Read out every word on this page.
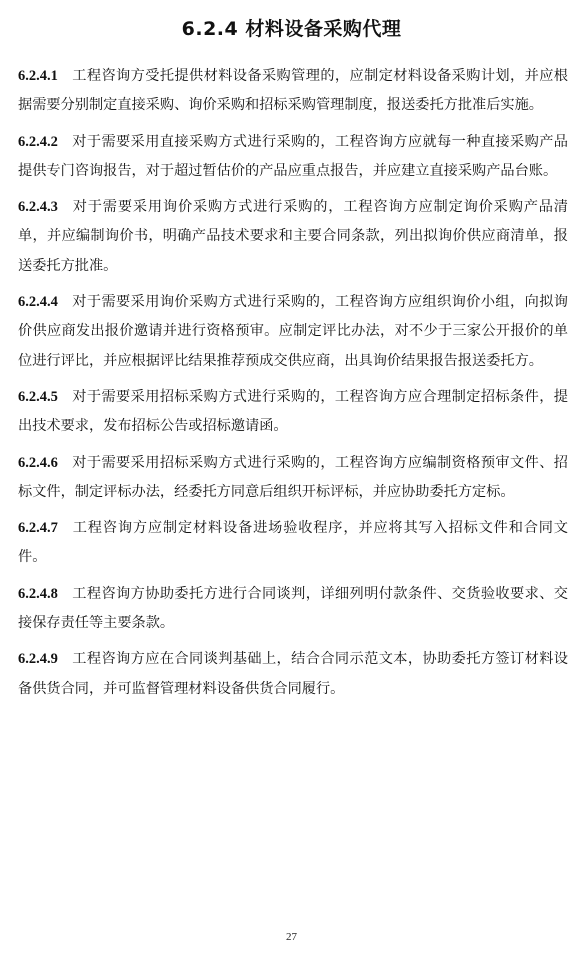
6.2.4 材料设备采购代理

6.2.4.1 工程咨询方受托提供材料设备采购管理的，应制定材料设备采购计划，并应根据需要分别制定直接采购、询价采购和招标采购管理制度，报送委托方批准后实施。

6.2.4.2 对于需要采用直接采购方式进行采购的，工程咨询方应就每一种直接采购产品提供专门咨询报告，对于超过暂估价的产品应重点报告，并应建立直接采购产品台账。

6.2.4.3 对于需要采用询价采购方式进行采购的，工程咨询方应制定询价采购产品清单，并应编制询价书，明确产品技术要求和主要合同条款，列出拟询价供应商清单，报送委托方批准。

6.2.4.4 对于需要采用询价采购方式进行采购的，工程咨询方应组织询价小组，向拟询价供应商发出报价邀请并进行资格预审。应制定评比办法，对不少于三家公开报价的单位进行评比，并应根据评比结果推荐预成交供应商，出具询价结果报告报送委托方。

6.2.4.5 对于需要采用招标采购方式进行采购的，工程咨询方应合理制定招标条件，提出技术要求，发布招标公告或招标邀请函。

6.2.4.6 对于需要采用招标采购方式进行采购的，工程咨询方应编制资格预审文件、招标文件，制定评标办法，经委托方同意后组织开标评标，并应协助委托方定标。

6.2.4.7 工程咨询方应制定材料设备进场验收程序，并应将其写入招标文件和合同文件。

6.2.4.8 工程咨询方协助委托方进行合同谈判，详细列明付款条件、交货验收要求、交接保存责任等主要条款。

6.2.4.9 工程咨询方应在合同谈判基础上，结合合同示范文本，协助委托方签订材料设备供货合同，并可监督管理材料设备供货合同履行。

27
